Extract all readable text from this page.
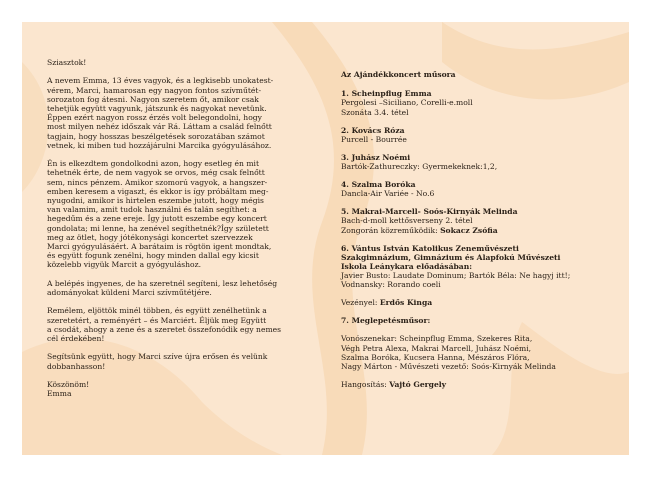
Sziasztok!

A nevem Emma, 13 éves vagyok, és a legkisebb unokatest-
vérem, Marci, hamarosan egy nagyon fontos szívműtét-
sorozaton fog átesni. Nagyon szeretem őt, amikor csak
tehetjük együtt vagyunk, játszunk és nagyokat nevetünk.
Éppen ezért nagyon rossz érzés volt belegondolni, hogy
most milyen nehéz időszak vár Rá. Láttam a család felnőtt
tagjain, hogy hosszas beszélgetések sorozatában számot
vetnek, ki miben tud hozzájárulni Marcika gyógyulásához.

Én is elkezdtem gondolkodni azon, hogy esetleg én mit
tehetnék érte, de nem vagyok se orvos, még csak felnőtt
sem, nincs pénzem. Amikor szomorú vagyok, a hangszer-
emben keresem a vigaszt, és ekkor is így próbáltam meg-
nyugodni, amikor is hirtelen eszembe jutott, hogy mégis
van valamim, amit tudok használni és talán segíthet: a
hegedűm és a zene ereje. Így jutott eszembe egy koncert
gondolata; mi lenne, ha zenével segíthetnék?Így született
meg az ötlet, hogy jótékonysági koncertet szervezzek
Marci gyógyulásáért. A barátaim is rögtön igent mondtak,
és együtt fogunk zenélni, hogy minden dallal egy kicsit
közelebb vigyük Marcit a gyógyuláshoz.

A belépés ingyenes, de ha szeretnél segíteni, lesz lehetőség
adományokat küldeni Marci szívműtétjére.

Remélem, eljöttök minél többen, és együtt zenélhetünk a
szeretetért, a reményért – és Marciért. Éljük meg Együtt
a csodát, ahogy a zene és a szeretet összefonódik egy nemes
cél érdekében!

Segítsünk együtt, hogy Marci szíve újra erősen és velünk
dobbanhasson!

Köszönöm!
Emma
Az Ajándékkoncert műsora
1. Scheinpflug Emma
Pergolesi –Siciliano, Corelli-e.moll
Szonáta 3.4. tétel
2. Kovács Róza
Purcell - Bourrée
3. Juhász Noémi
Bartók-Zathureczky: Gyermekeknek:1,2,
4. Szalma Boróka
Dancla-Air Variée - No.6
5. Makrai-Marcell- Soós-Kirnyák Melinda
Bach-d-moll kettősverseny 2. tétel
Zongorán közreműködik: Sokacz Zsófia
6. Vántus István Katolikus Zeneművészeti
Szakgimnázium, Gimnázium és Alapfokú Művészeti
Iskola Leánykara előadásában:
Javier Busto: Laudate Dominum; Bartók Béla: Ne hagyj itt!;
Vodnansky: Rorando coeli
Vezényel: Erdős Kinga
7. Meglepetésműsor:
Vonószenekar: Scheinpflug Emma, Szekeres Rita,
Végh Petra Alexa, Makrai Marcell, Juhász Noémi,
Szalma Boróka, Kucsera Hanna, Mészáros Flóra,
Nagy Márton - Művészeti vezető: Soós-Kirnyák Melinda
Hangosítás: Vajtó Gergely
